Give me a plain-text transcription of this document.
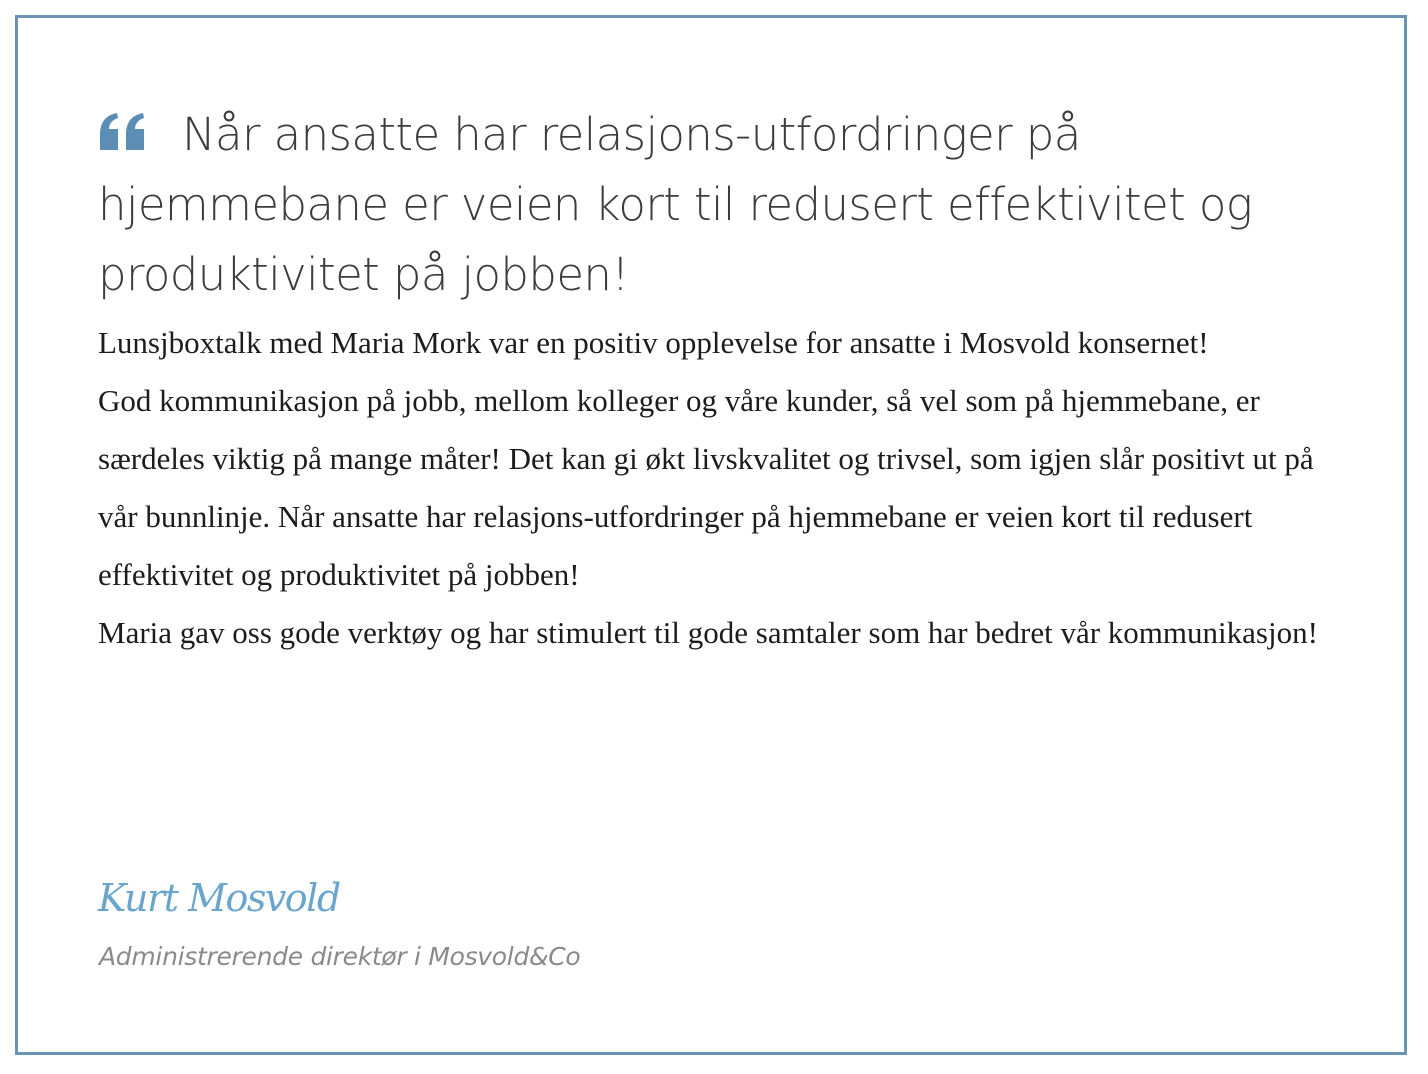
Når ansatte har relasjons-utfordringer på hjemmebane er veien kort til redusert effektivitet og produktivitet på jobben!

Lunsjboxtalk med Maria Mork var en positiv opplevelse for ansatte i Mosvold konsernet!

God kommunikasjon på jobb, mellom kolleger og våre kunder, så vel som på hjemmebane, er særdeles viktig på mange måter! Det kan gi økt livskvalitet og trivsel, som igjen slår positivt ut på vår bunnlinje. Når ansatte har relasjons-utfordringer på hjemmebane er veien kort til redusert effektivitet og produktivitet på jobben!

Maria gav oss gode verktøy og har stimulert til gode samtaler som har bedret vår kommunikasjon!

Kurt Mosvold
Administrerende direktør i Mosvold&Co
